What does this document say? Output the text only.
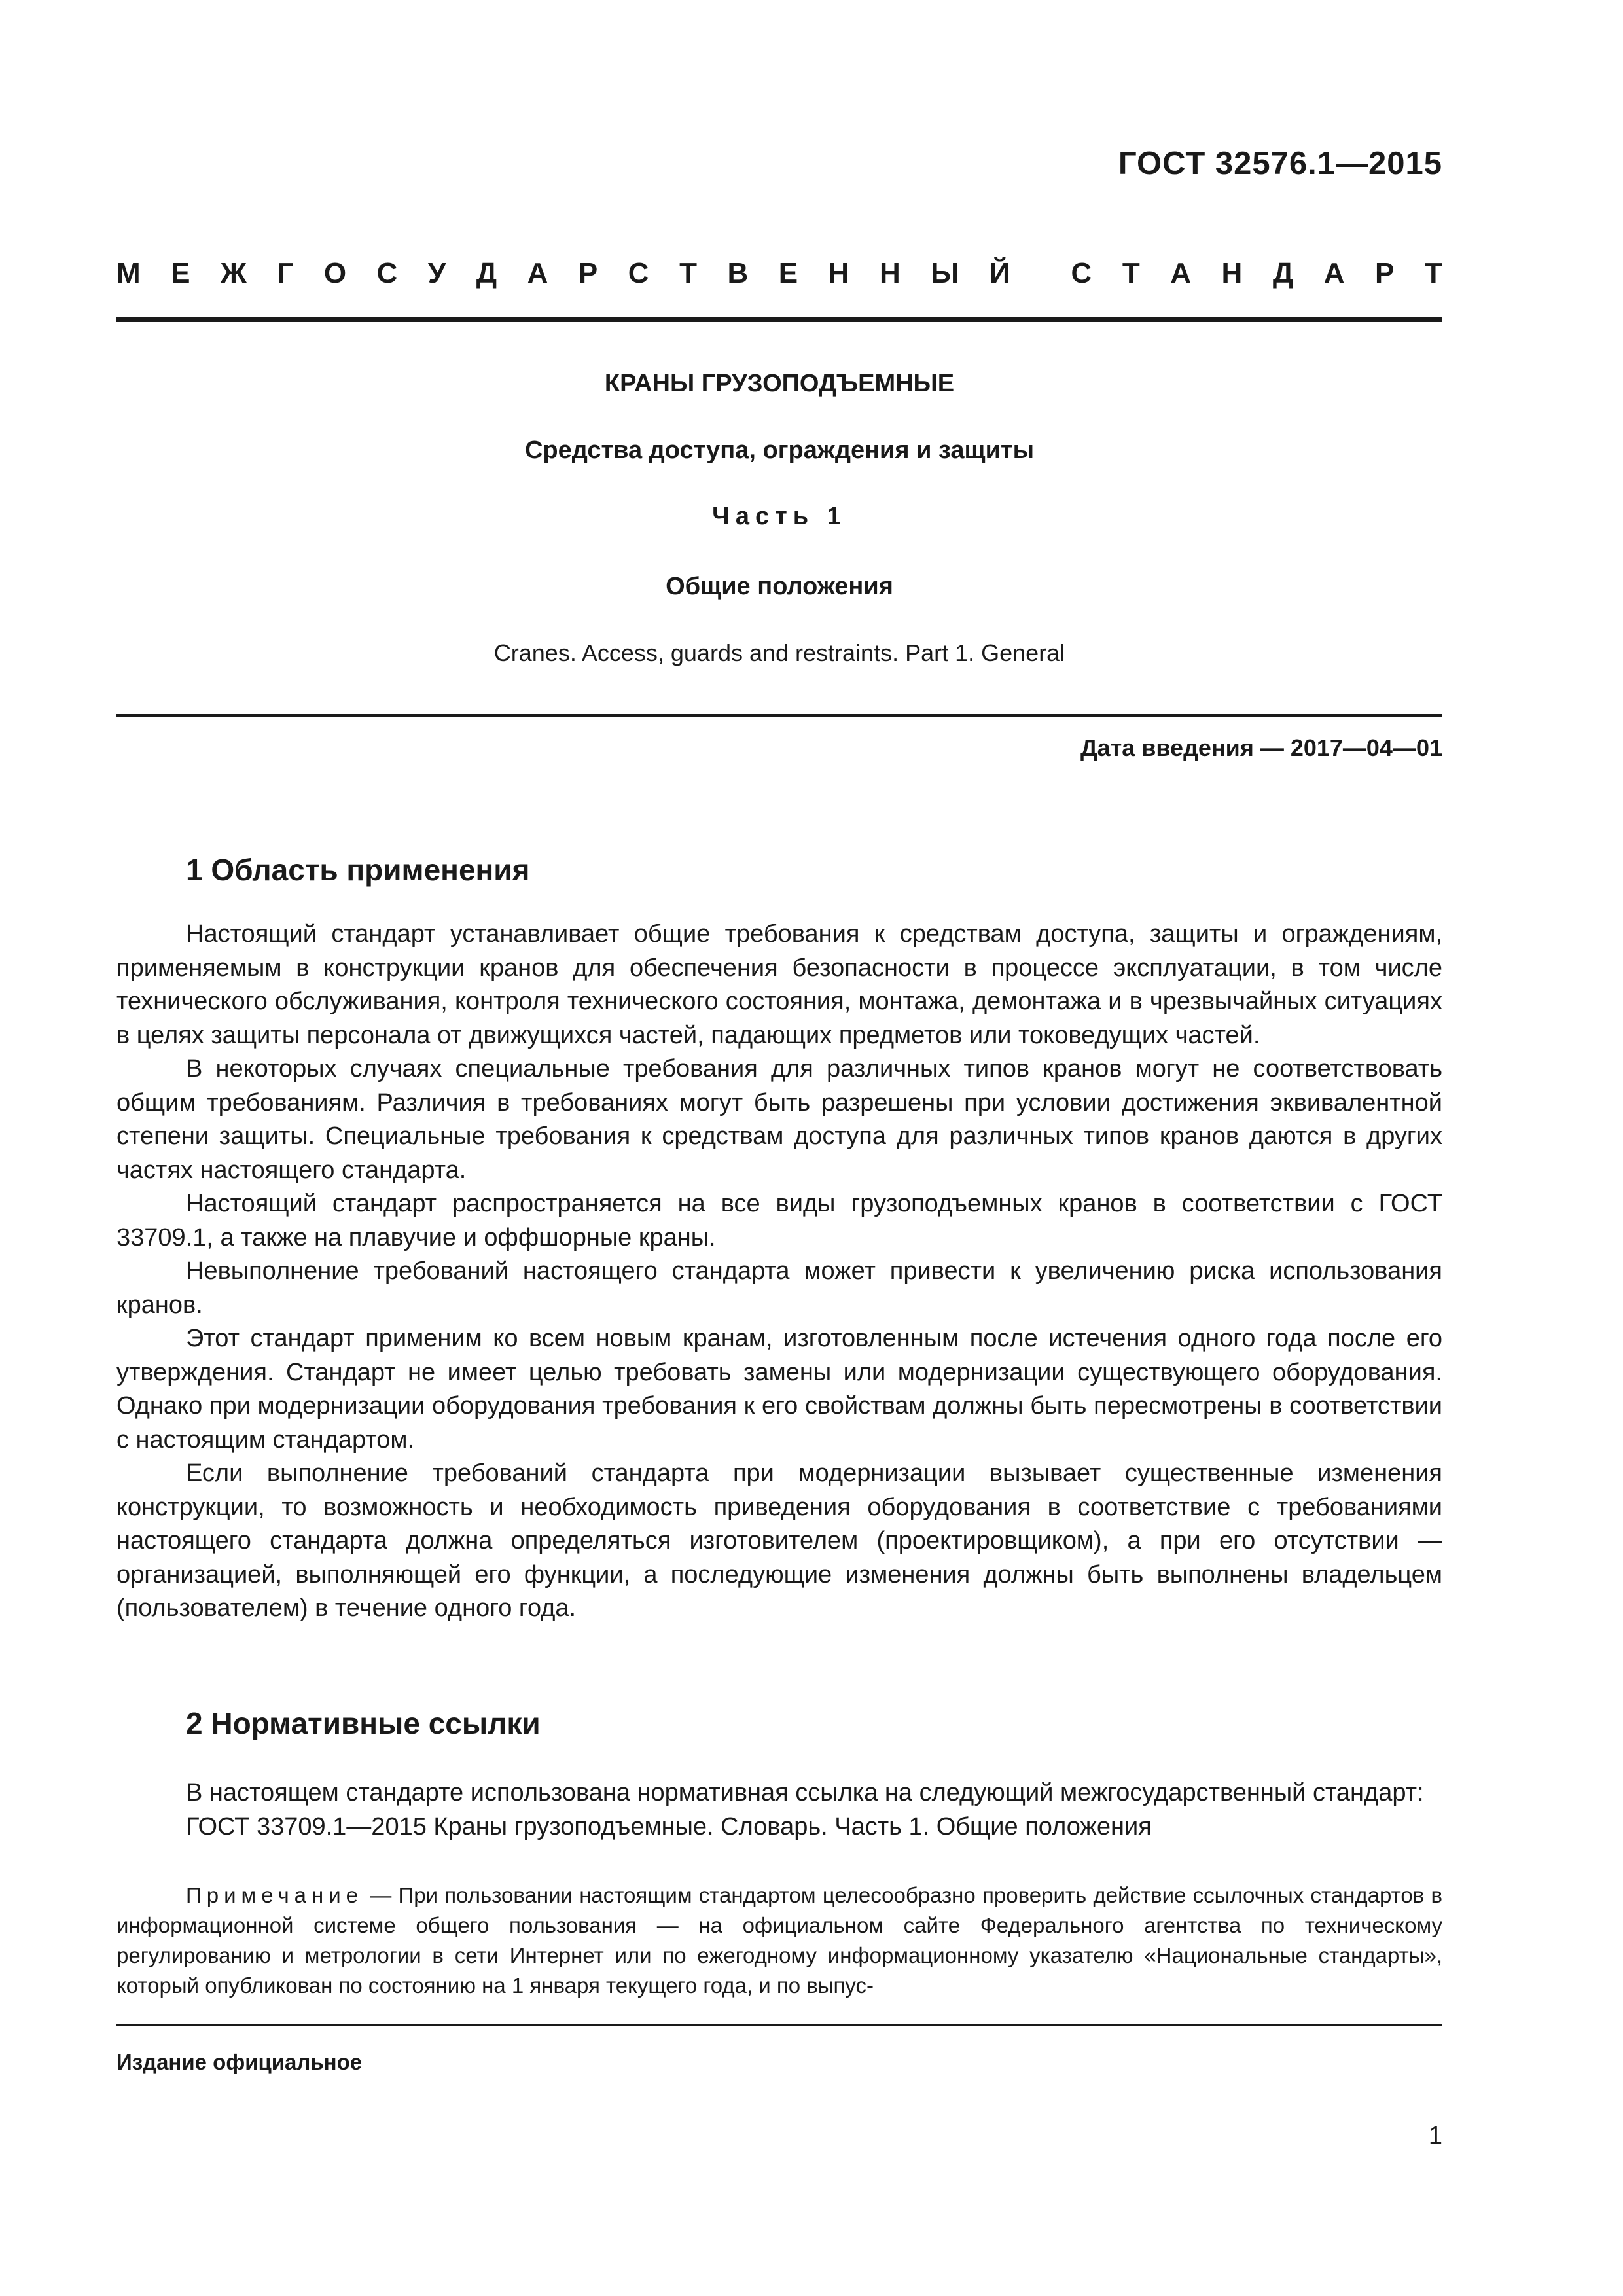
ГОСТ 32576.1—2015
М Е Ж Г О С У Д А Р С Т В Е Н Н Ы Й С Т А Н Д А Р Т
КРАНЫ ГРУЗОПОДЪЕМНЫЕ
Средства доступа, ограждения и защиты
Часть 1
Общие положения
Cranes. Access, guards and restraints. Part 1. General
Дата введения — 2017—04—01
1 Область применения

Настоящий стандарт устанавливает общие требования к средствам доступа, защиты и ограждениям, применяемым в конструкции кранов для обеспечения безопасности в процессе эксплуатации, в том числе технического обслуживания, контроля технического состояния, монтажа, демонтажа и в чрезвычайных ситуациях в целях защиты персонала от движущихся частей, падающих предметов или токоведущих частей.

В некоторых случаях специальные требования для различных типов кранов могут не соответствовать общим требованиям. Различия в требованиях могут быть разрешены при условии достижения эквивалентной степени защиты. Специальные требования к средствам доступа для различных типов кранов даются в других частях настоящего стандарта.

Настоящий стандарт распространяется на все виды грузоподъемных кранов в соответствии с ГОСТ 33709.1, а также на плавучие и оффшорные краны.

Невыполнение требований настоящего стандарта может привести к увеличению риска использования кранов.

Этот стандарт применим ко всем новым кранам, изготовленным после истечения одного года после его утверждения. Стандарт не имеет целью требовать замены или модернизации существующего оборудования. Однако при модернизации оборудования требования к его свойствам должны быть пересмотрены в соответствии с настоящим стандартом.

Если выполнение требований стандарта при модернизации вызывает существенные изменения конструкции, то возможность и необходимость приведения оборудования в соответствие с требованиями настоящего стандарта должна определяться изготовителем (проектировщиком), а при его отсутствии — организацией, выполняющей его функции, а последующие изменения должны быть выполнены владельцем (пользователем) в течение одного года.

2 Нормативные ссылки

В настоящем стандарте использована нормативная ссылка на следующий межгосударственный стандарт:

ГОСТ 33709.1—2015 Краны грузоподъемные. Словарь. Часть 1. Общие положения

Примечание — При пользовании настоящим стандартом целесообразно проверить действие ссылочных стандартов в информационной системе общего пользования — на официальном сайте Федерального агентства по техническому регулированию и метрологии в сети Интернет или по ежегодному информационному указателю «Национальные стандарты», который опубликован по состоянию на 1 января текущего года, и по выпус-

Издание официальное
1
